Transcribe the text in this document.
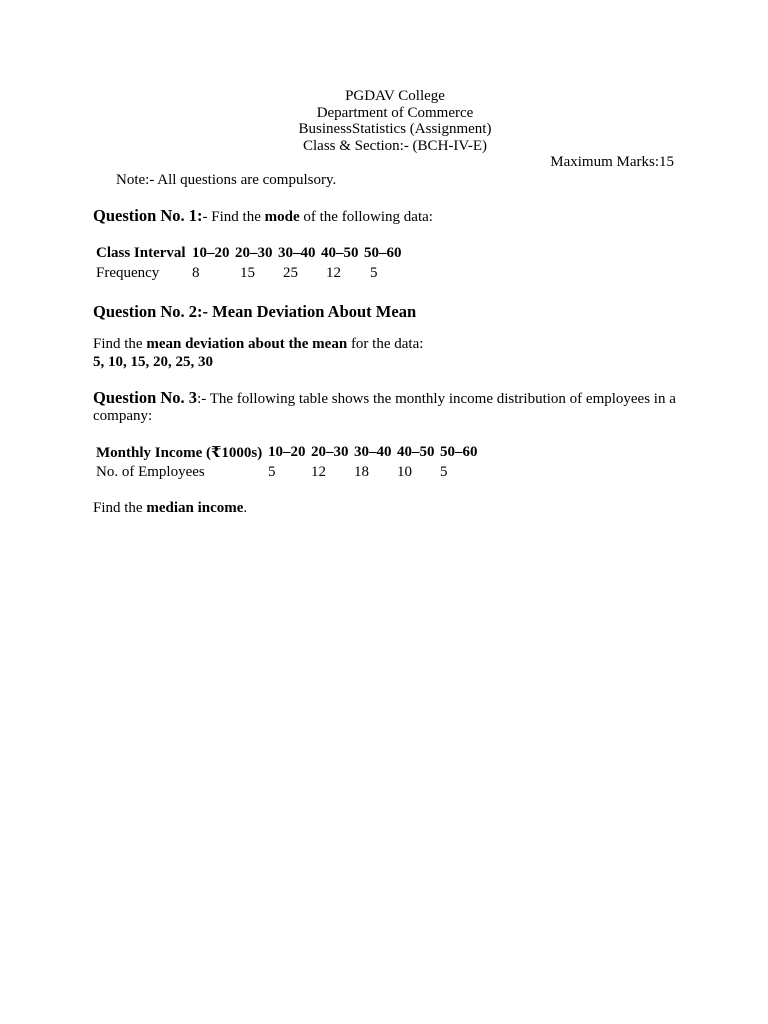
PGDAV College
Department of Commerce
BusinessStatistics (Assignment)
Class & Section:- (BCH-IV-E)
Maximum Marks:15
Note:- All questions are compulsory.
Question No. 1:- Find the mode of the following data:
Class Interval	10–20	20–30	30–40	40–50	50–60
Frequency	8	15	25	12	5
Question No. 2:- Mean Deviation About Mean
Find the mean deviation about the mean for the data:
5, 10, 15, 20, 25, 30
Question No. 3:- The following table shows the monthly income distribution of employees in a company:
Monthly Income (₹1000s)	10–20	20–30	30–40	40–50	50–60
No. of Employees	5	12	18	10	5
Find the median income.
